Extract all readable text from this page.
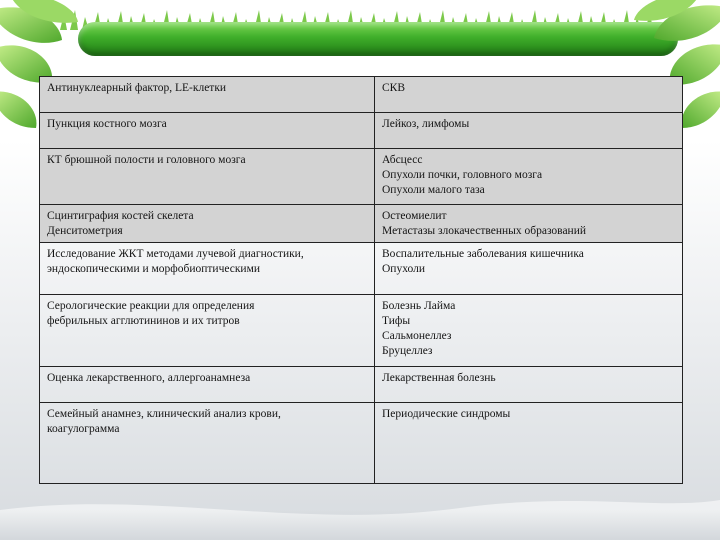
Антинуклеарный фактор, LE-клетки	СКВ

Пункция костного мозга	Лейкоз, лимфомы

КТ брюшной полости и головного мозга	Абсцесс
Опухоли почки, головного мозга
Опухоли малого таза

Сцинтиграфия костей скелета
Денситометрия	Остеомиелит
Метастазы злокачественных образований

Исследование ЖКТ методами лучевой диагностики,
эндоскопическими и морфобиоптическими	Воспалительные заболевания кишечника
Опухоли

Серологические реакции для определения
фебрильных агглютининов и их титров	Болезнь Лайма
Тифы
Сальмонеллез
Бруцеллез

Оценка лекарственного, аллергоанамнеза	Лекарственная болезнь

Семейный анамнез, клинический анализ крови,
коагулограмма	Периодические синдромы
